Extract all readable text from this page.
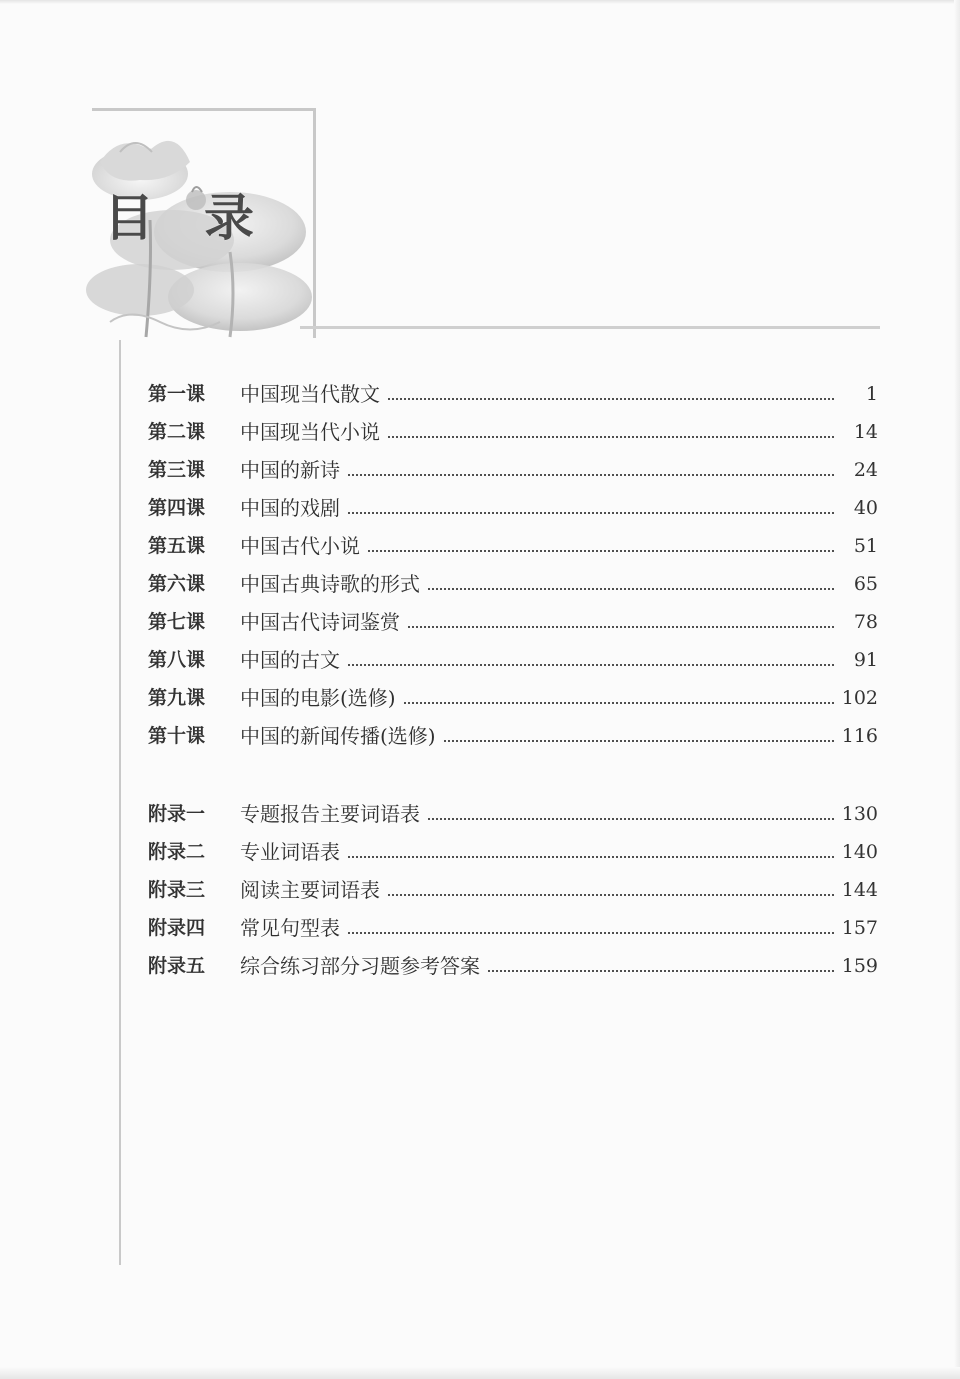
目录
第一课	中国现当代散文	1
第二课	中国现当代小说	14
第三课	中国的新诗	24
第四课	中国的戏剧	40
第五课	中国古代小说	51
第六课	中国古典诗歌的形式	65
第七课	中国古代诗词鉴赏	78
第八课	中国的古文	91
第九课	中国的电影(选修)	102
第十课	中国的新闻传播(选修)	116
附录一	专题报告主要词语表	130
附录二	专业词语表	140
附录三	阅读主要词语表	144
附录四	常见句型表	157
附录五	综合练习部分习题参考答案	159
